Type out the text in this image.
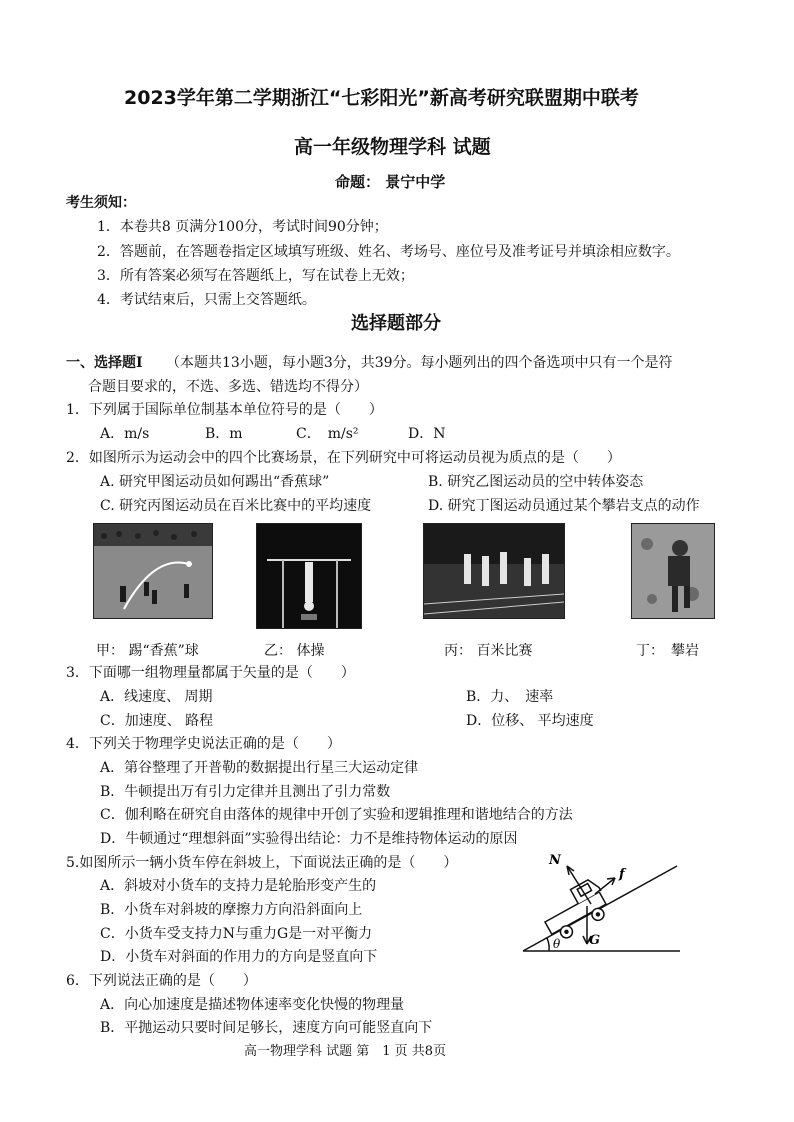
2023学年第二学期浙江“七彩阳光”新高考研究联盟期中联考
高一年级物理学科 试题
命题： 景宁中学
考生须知：
1．本卷共8 页满分100分，考试时间90分钟；
2．答题前，在答题卷指定区域填写班级、姓名、考场号、座位号及准考证号并填涂相应数字。
3．所有答案必须写在答题纸上，写在试卷上无效；
4．考试结束后，只需上交答题纸。
选择题部分
一、选择题Ⅰ （本题共13小题，每小题3分，共39分。每小题列出的四个备选项中只有一个是符
合题目要求的，不选、多选、错选均不得分）
1．下列属于国际单位制基本单位符号的是（　　）
A．m/s	B．m	C．　m/s²	D．N
2．如图所示为运动会中的四个比赛场景，在下列研究中可将运动员视为质点的是（　　）
A. 研究甲图运动员如何踢出“香蕉球”	B. 研究乙图运动员的空中转体姿态
C. 研究丙图运动员在百米比赛中的平均速度	D. 研究丁图运动员通过某个攀岩支点的动作
甲： 踢“香蕉”球	乙： 体操	丙： 百米比赛	丁：　攀岩
3．下面哪一组物理量都属于矢量的是（　　）
A．线速度、 周期	B．力、　速率
C．加速度、 路程	D．位移、 平均速度
4．下列关于物理学史说法正确的是（　　）
A．第谷整理了开普勒的数据提出行星三大运动定律
B．牛顿提出万有引力定律并且测出了引力常数
C．伽利略在研究自由落体的规律中开创了实验和逻辑推理和谐地结合的方法
D．牛顿通过“理想斜面”实验得出结论：力不是维持物体运动的原因
5.如图所示一辆小货车停在斜坡上，下面说法正确的是（　　）
A．斜坡对小货车的支持力是轮胎形变产生的
B．小货车对斜坡的摩擦力方向沿斜面向上
C．小货车受支持力N与重力G是一对平衡力
D．小货车对斜面的作用力的方向是竖直向下
N
f
G
θ
6．下列说法正确的是（　　）
A．向心加速度是描述物体速率变化快慢的物理量
B．平抛运动只要时间足够长，速度方向可能竖直向下
高一物理学科 试题 第　1 页 共8页
